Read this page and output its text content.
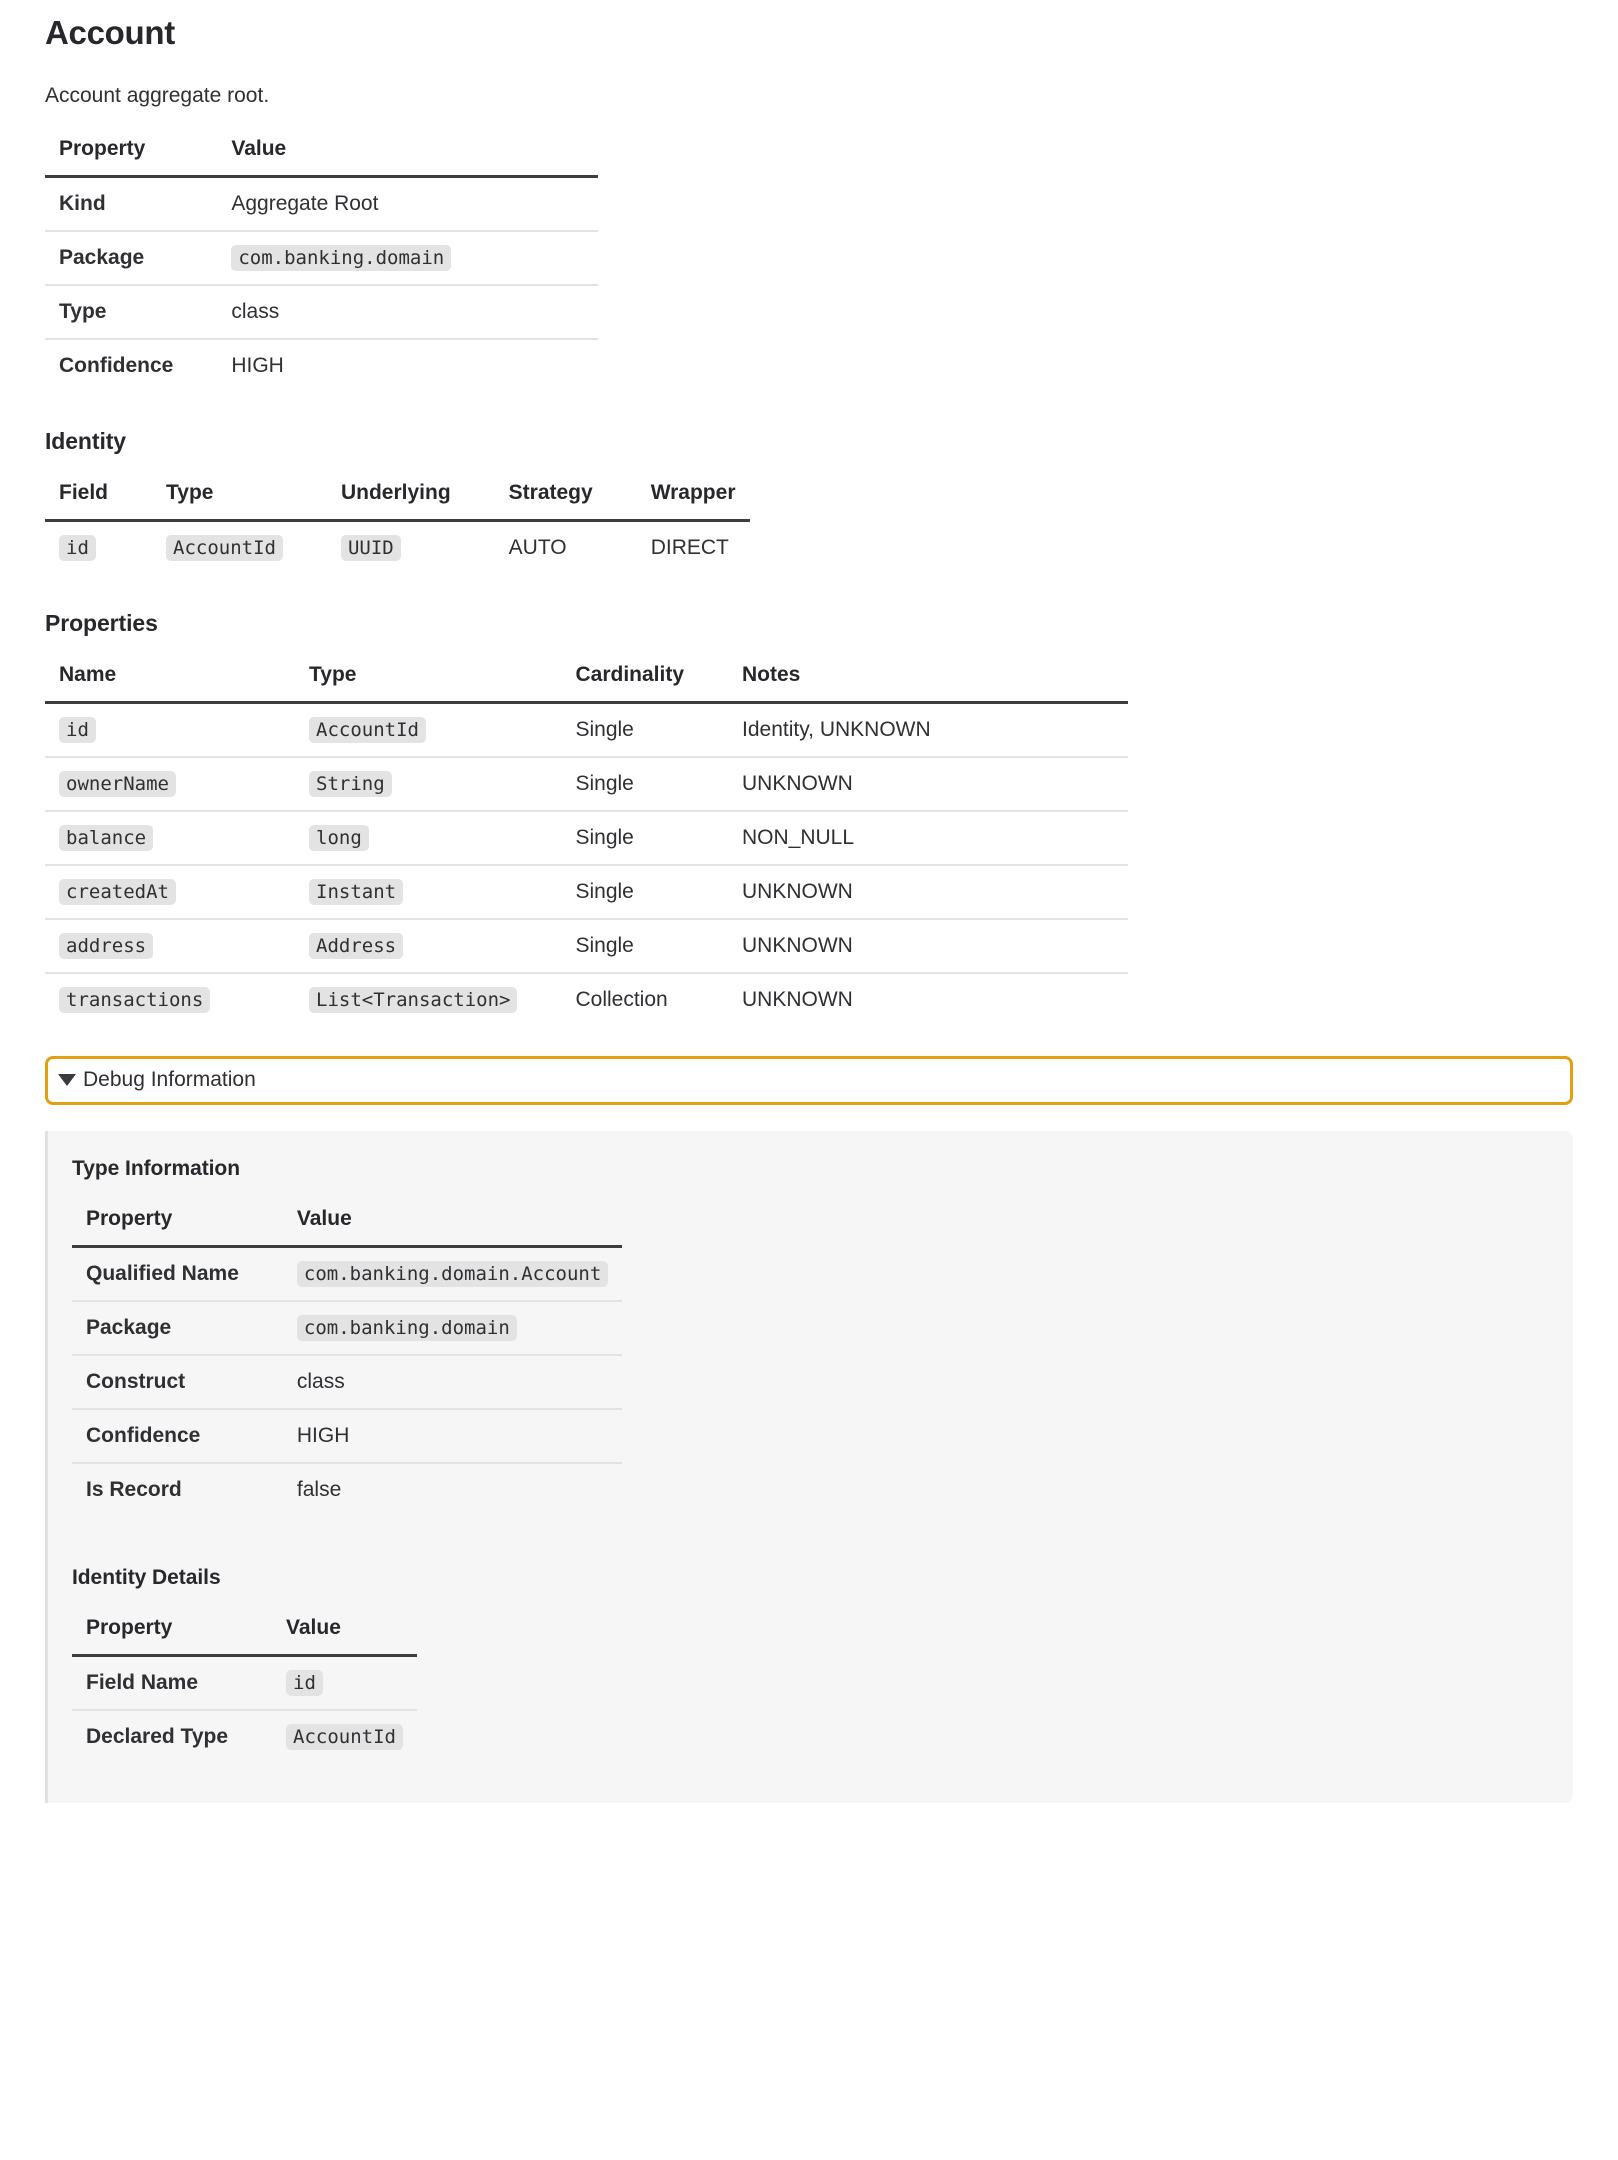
Account

Account aggregate root.

Property	Value
Kind	Aggregate Root
Package	com.banking.domain
Type	class
Confidence	HIGH
Identity
Field	Type	Underlying	Strategy	Wrapper
id	AccountId	UUID	AUTO	DIRECT
Properties
Name	Type	Cardinality	Notes
id	AccountId	Single	Identity, UNKNOWN
ownerName	String	Single	UNKNOWN
balance	long	Single	NON_NULL
createdAt	Instant	Single	UNKNOWN
address	Address	Single	UNKNOWN
transactions	List<Transaction>	Collection	UNKNOWN
Debug Information
Type Information
Property	Value
Qualified Name	com.banking.domain.Account
Package	com.banking.domain
Construct	class
Confidence	HIGH
Is Record	false
Identity Details
Property	Value
Field Name	id
Declared Type	AccountId
